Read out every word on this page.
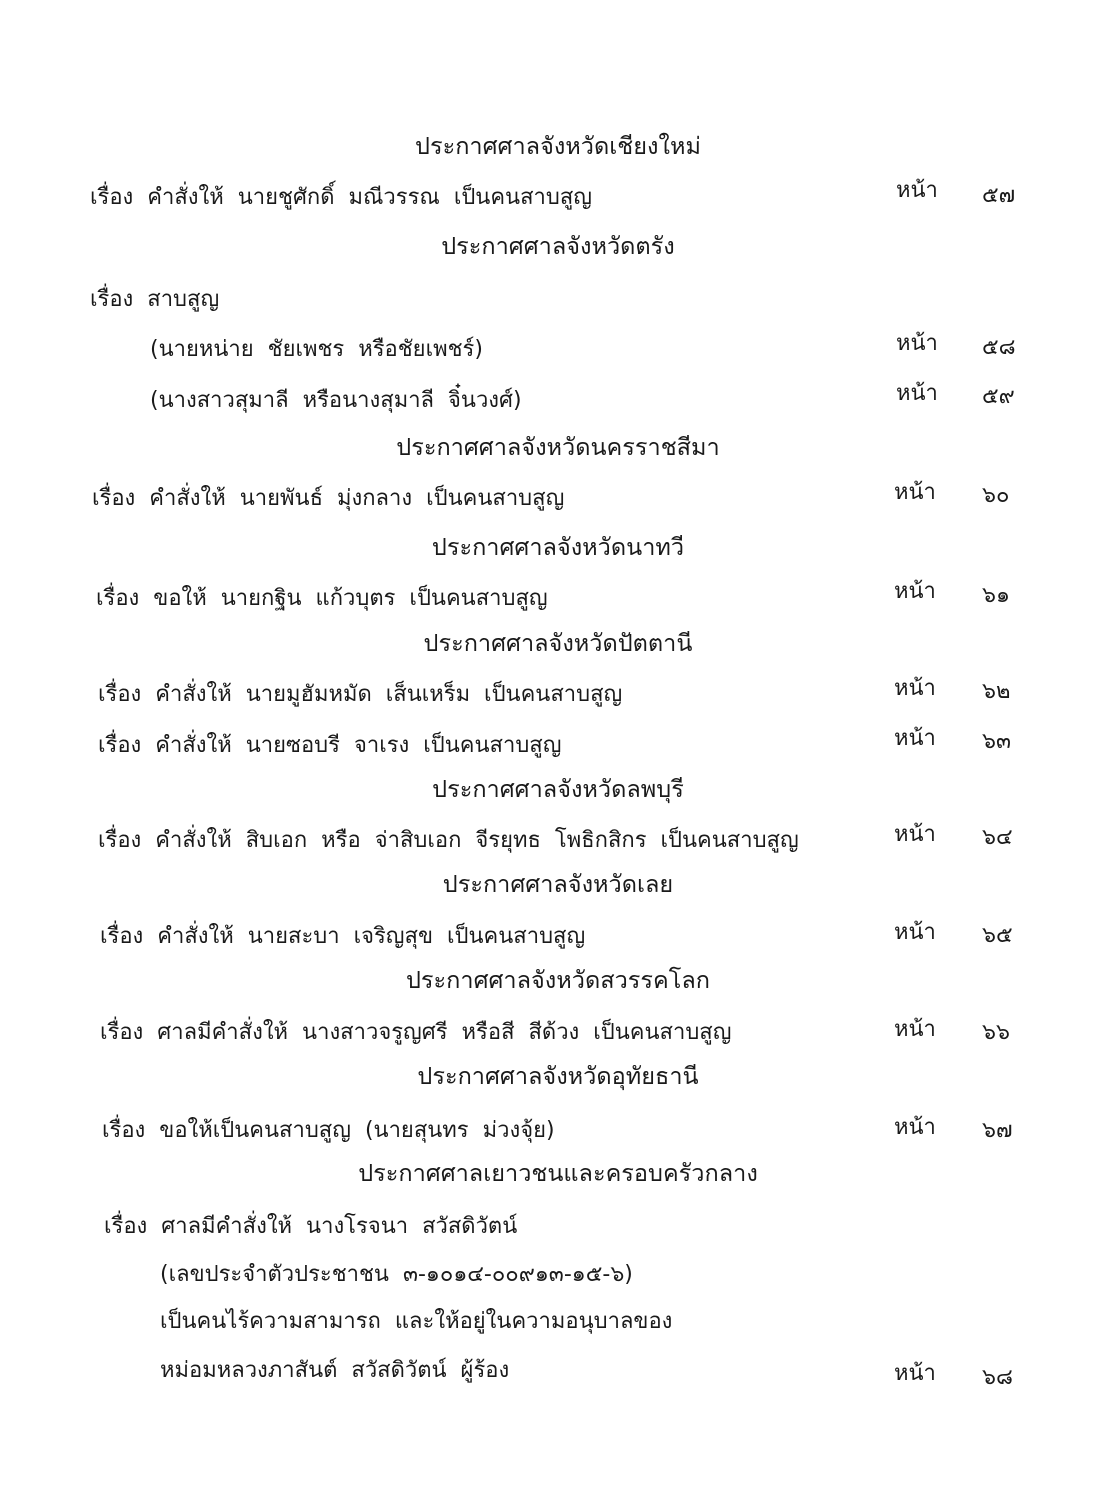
ประกาศศาลจังหวัดเชียงใหม่
เรื่อง  คำสั่งให้  นายชูศักดิ์  มณีวรรณ  เป็นคนสาบสูญ	หน้า ๕๗
ประกาศศาลจังหวัดตรัง
เรื่อง  สาบสูญ
(นายหน่าย  ชัยเพชร  หรือชัยเพชร์)	หน้า ๕๘
(นางสาวสุมาลี  หรือนางสุมาลี  จิ๋นวงศ์)	หน้า ๕๙
ประกาศศาลจังหวัดนครราชสีมา
เรื่อง  คำสั่งให้  นายพันธ์  มุ่งกลาง  เป็นคนสาบสูญ	หน้า ๖๐
ประกาศศาลจังหวัดนาทวี
เรื่อง  ขอให้  นายกฐิน  แก้วบุตร  เป็นคนสาบสูญ	หน้า ๖๑
ประกาศศาลจังหวัดปัตตานี
เรื่อง  คำสั่งให้  นายมูฮัมหมัด  เส็นเหร็ม  เป็นคนสาบสูญ	หน้า ๖๒
เรื่อง  คำสั่งให้  นายซอบรี  จาเรง  เป็นคนสาบสูญ	หน้า ๖๓
ประกาศศาลจังหวัดลพบุรี
เรื่อง  คำสั่งให้  สิบเอก  หรือ  จ่าสิบเอก  จีรยุทธ  โพธิกสิกร  เป็นคนสาบสูญ	หน้า ๖๔
ประกาศศาลจังหวัดเลย
เรื่อง  คำสั่งให้  นายสะบา  เจริญสุข  เป็นคนสาบสูญ	หน้า ๖๕
ประกาศศาลจังหวัดสวรรคโลก
เรื่อง  ศาลมีคำสั่งให้  นางสาวจรูญศรี  หรือสี  สีด้วง  เป็นคนสาบสูญ	หน้า ๖๖
ประกาศศาลจังหวัดอุทัยธานี
เรื่อง  ขอให้เป็นคนสาบสูญ  (นายสุนทร  ม่วงจุ้ย)	หน้า ๖๗
ประกาศศาลเยาวชนและครอบครัวกลาง
เรื่อง  ศาลมีคำสั่งให้  นางโรจนา  สวัสดิวัตน์
(เลขประจำตัวประชาชน  ๓-๑๐๑๔-๐๐๙๑๓-๑๕-๖)
เป็นคนไร้ความสามารถ  และให้อยู่ในความอนุบาลของ
หม่อมหลวงภาสันต์  สวัสดิวัตน์  ผู้ร้อง	หน้า ๖๘
